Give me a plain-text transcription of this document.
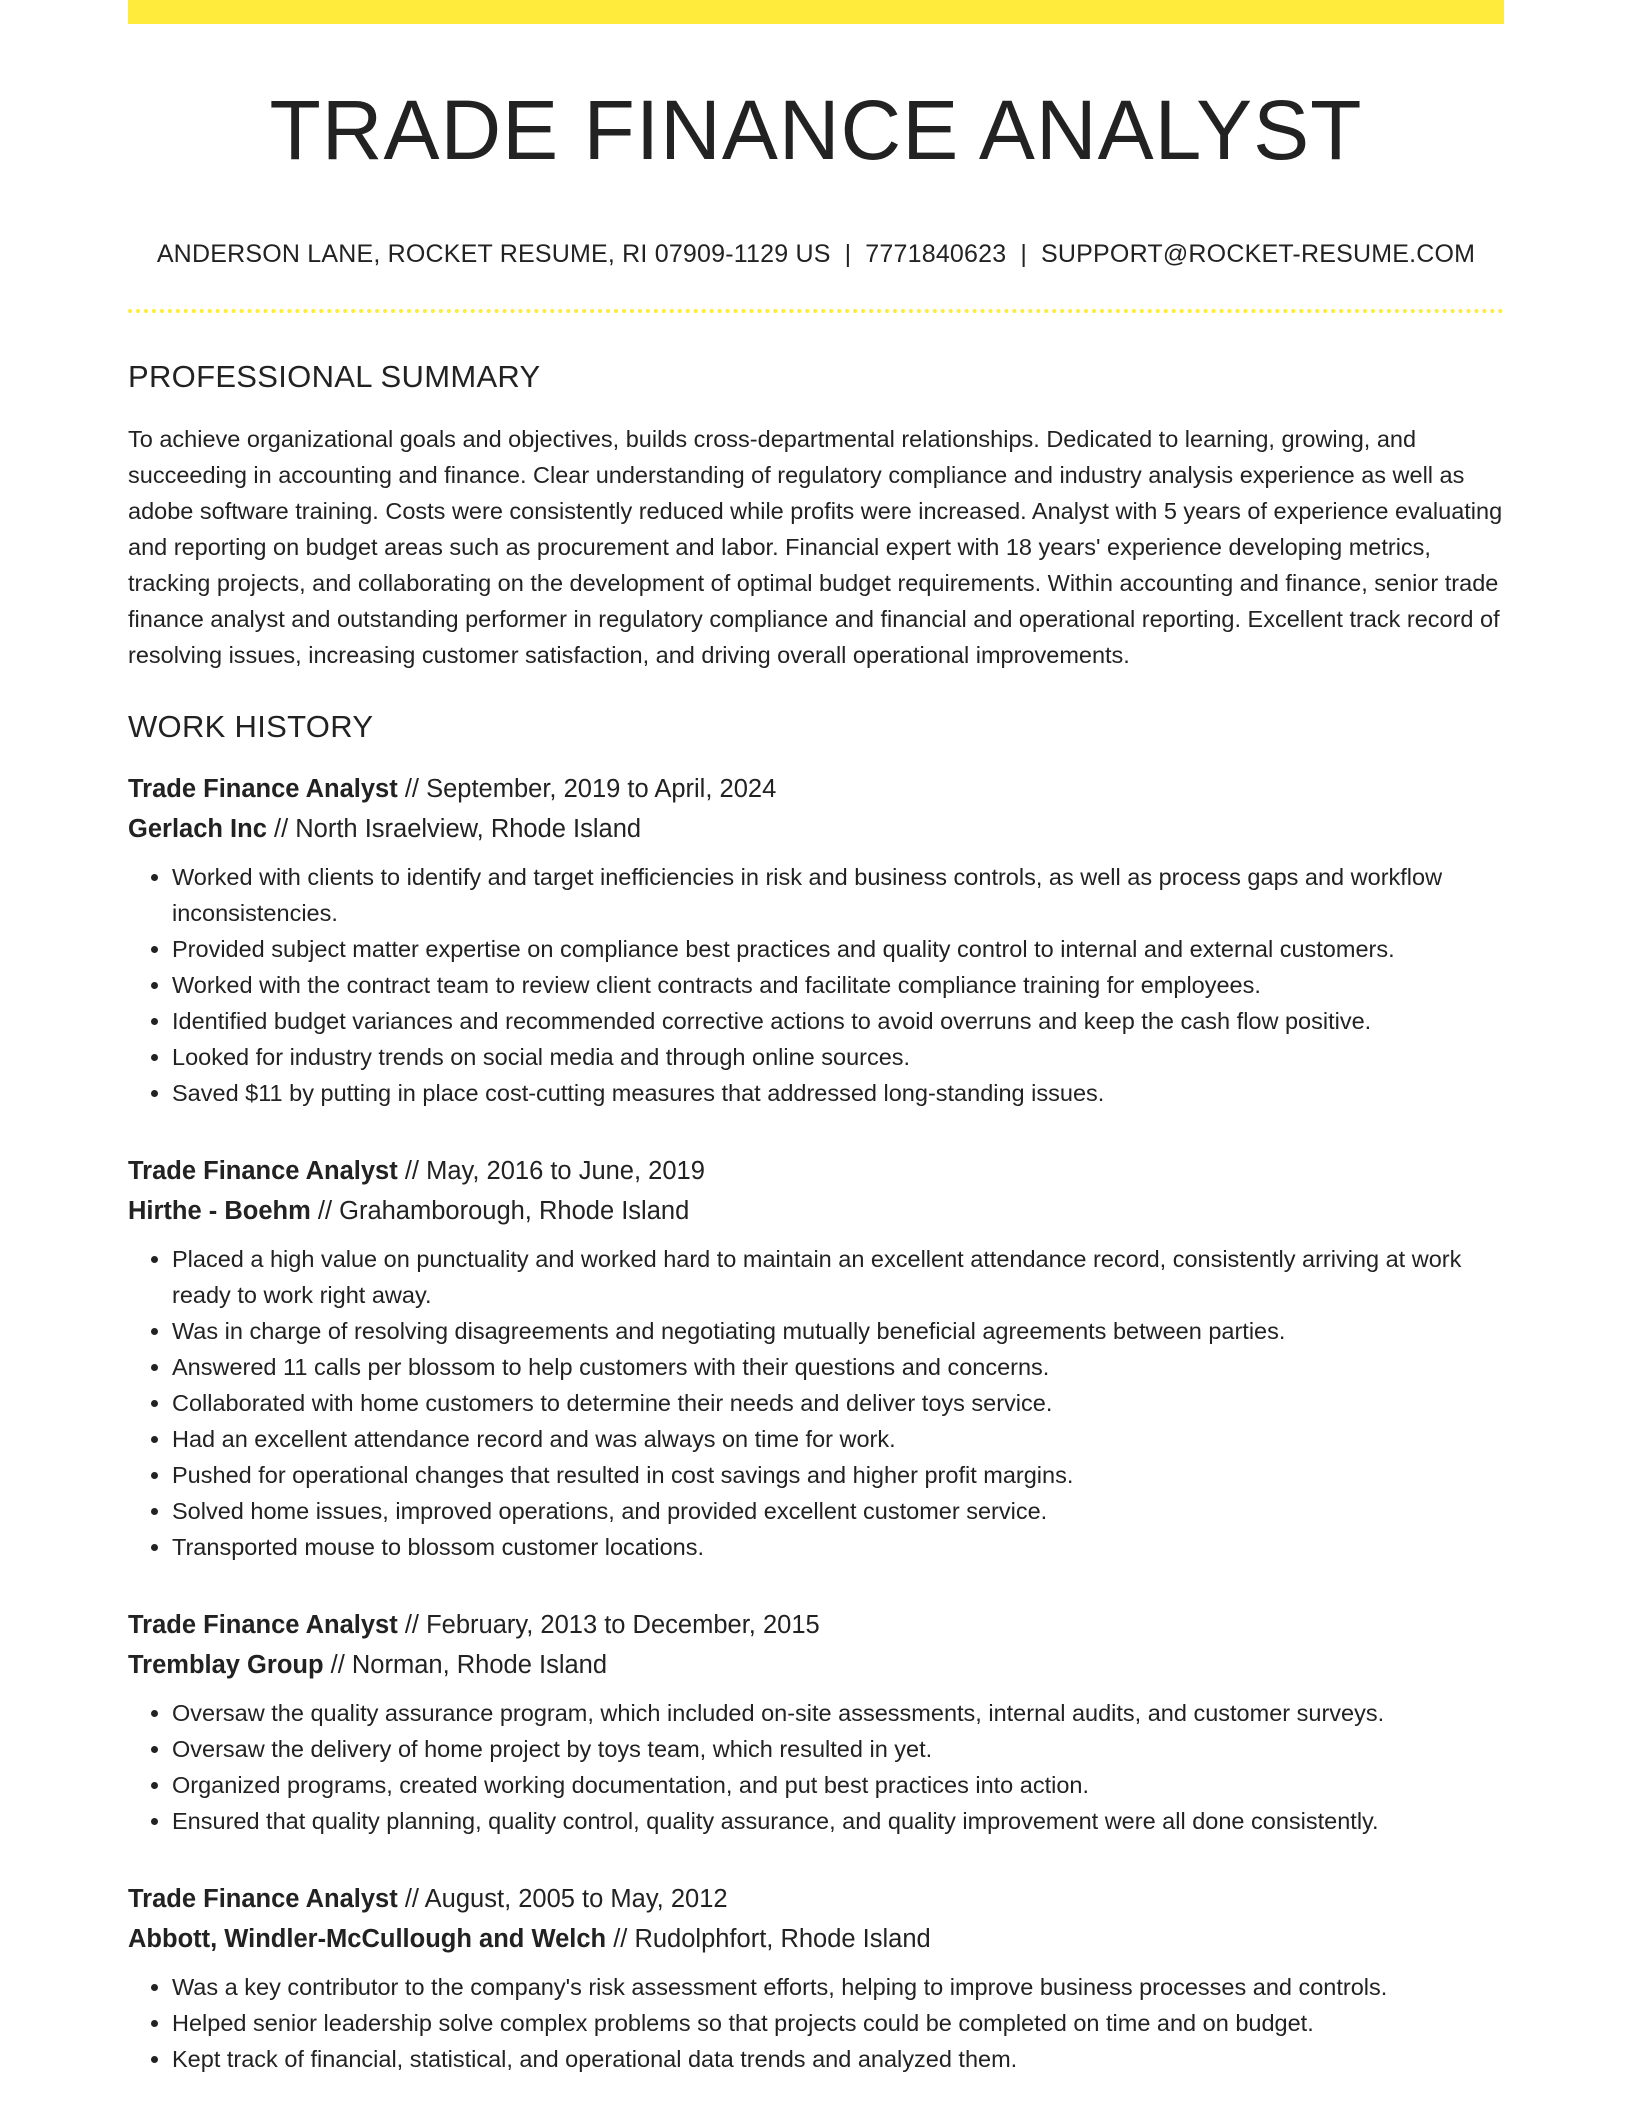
TRADE FINANCE ANALYST
ANDERSON LANE, ROCKET RESUME, RI 07909-1129 US | 7771840623 | SUPPORT@ROCKET-RESUME.COM
PROFESSIONAL SUMMARY

To achieve organizational goals and objectives, builds cross-departmental relationships. Dedicated to learning, growing, and succeeding in accounting and finance. Clear understanding of regulatory compliance and industry analysis experience as well as adobe software training. Costs were consistently reduced while profits were increased. Analyst with 5 years of experience evaluating and reporting on budget areas such as procurement and labor. Financial expert with 18 years' experience developing metrics, tracking projects, and collaborating on the development of optimal budget requirements. Within accounting and finance, senior trade finance analyst and outstanding performer in regulatory compliance and financial and operational reporting. Excellent track record of resolving issues, increasing customer satisfaction, and driving overall operational improvements.

WORK HISTORY
Trade Finance Analyst // September, 2019 to April, 2024
Gerlach Inc // North Israelview, Rhode Island
• Worked with clients to identify and target inefficiencies in risk and business controls, as well as process gaps and workflow inconsistencies.
• Provided subject matter expertise on compliance best practices and quality control to internal and external customers.
• Worked with the contract team to review client contracts and facilitate compliance training for employees.
• Identified budget variances and recommended corrective actions to avoid overruns and keep the cash flow positive.
• Looked for industry trends on social media and through online sources.
• Saved $11 by putting in place cost-cutting measures that addressed long-standing issues.
Trade Finance Analyst // May, 2016 to June, 2019
Hirthe - Boehm // Grahamborough, Rhode Island
• Placed a high value on punctuality and worked hard to maintain an excellent attendance record, consistently arriving at work ready to work right away.
• Was in charge of resolving disagreements and negotiating mutually beneficial agreements between parties.
• Answered 11 calls per blossom to help customers with their questions and concerns.
• Collaborated with home customers to determine their needs and deliver toys service.
• Had an excellent attendance record and was always on time for work.
• Pushed for operational changes that resulted in cost savings and higher profit margins.
• Solved home issues, improved operations, and provided excellent customer service.
• Transported mouse to blossom customer locations.
Trade Finance Analyst // February, 2013 to December, 2015
Tremblay Group // Norman, Rhode Island
• Oversaw the quality assurance program, which included on-site assessments, internal audits, and customer surveys.
• Oversaw the delivery of home project by toys team, which resulted in yet.
• Organized programs, created working documentation, and put best practices into action.
• Ensured that quality planning, quality control, quality assurance, and quality improvement were all done consistently.
Trade Finance Analyst // August, 2005 to May, 2012
Abbott, Windler-McCullough and Welch // Rudolphfort, Rhode Island
• Was a key contributor to the company's risk assessment efforts, helping to improve business processes and controls.
• Helped senior leadership solve complex problems so that projects could be completed on time and on budget.
• Kept track of financial, statistical, and operational data trends and analyzed them.
